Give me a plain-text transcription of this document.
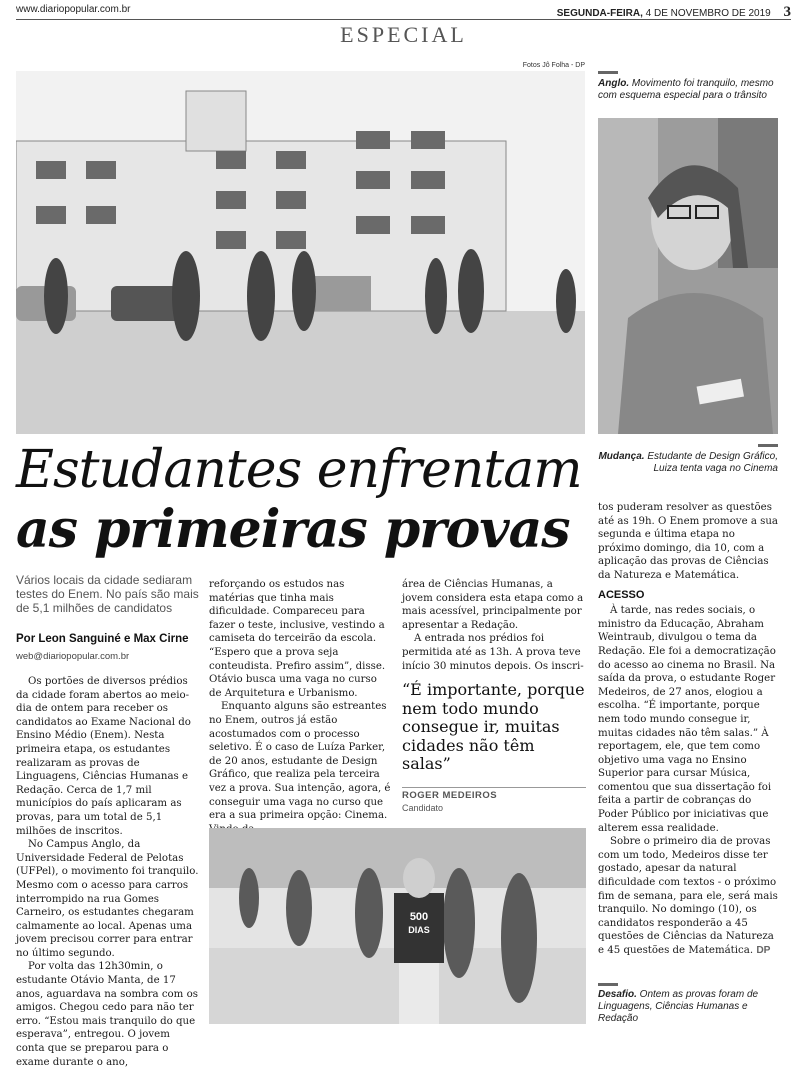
www.diariopopular.com.br	SEGUNDA-FEIRA, 4 DE NOVEMBRO DE 2019 3
ESPECIAL
Fotos Jô Folha - DP
Anglo. Movimento foi tranquilo, mesmo com esquema especial para o trânsito
Mudança. Estudante de Design Gráfico, Luiza tenta vaga no Cinema
Estudantes enfrentam
as primeiras provas
Vários locais da cidade sediaram testes do Enem. No país são mais de 5,1 milhões de candidatos
Por Leon Sanguiné e Max Cirne
web@diariopopular.com.br

Os portões de diversos prédios da cidade foram abertos ao meio-dia de ontem para receber os candidatos ao Exame Nacional do Ensino Médio (Enem). Nesta primeira etapa, os estudantes realizaram as provas de Linguagens, Ciências Humanas e Redação. Cerca de 1,7 mil municípios do país aplicaram as provas, para um total de 5,1 milhões de inscritos.

No Campus Anglo, da Universidade Federal de Pelotas (UFPel), o movimento foi tranquilo. Mesmo com o acesso para carros interrompido na rua Gomes Carneiro, os estudantes chegaram calmamente ao local. Apenas uma jovem precisou correr para entrar no último segundo.

Por volta das 12h30min, o estudante Otávio Manta, de 17 anos, aguardava na sombra com os amigos. Chegou cedo para não ter erro. “Estou mais tranquilo do que esperava”, entregou. O jovem conta que se preparou para o exame durante o ano,

reforçando os estudos nas matérias que tinha mais dificuldade. Compareceu para fazer o teste, inclusive, vestindo a camiseta do terceirão da escola. “Espero que a prova seja conteudista. Prefiro assim”, disse. Otávio busca uma vaga no curso de Arquitetura e Urbanismo.

Enquanto alguns são estreantes no Enem, outros já estão acostumados com o processo seletivo. É o caso de Luíza Parker, de 20 anos, estudante de Design Gráfico, que realiza pela terceira vez a prova. Sua intenção, agora, é conseguir uma vaga no curso que era a sua primeira opção: Cinema.

área de Ciências Humanas, a jovem considera esta etapa como a mais acessível, principalmente por apresentar a Redação.

A entrada nos prédios foi permitida até as 13h. A prova teve início 30 minutos depois. Os inscri-

“É importante, porque nem todo mundo consegue ir, muitas cidades não têm salas”
ROGER MEDEIROS
Candidato
500
DIAS

tos puderam resolver as questões até as 19h. O Enem promove a sua segunda e última etapa no próximo domingo, dia 10, com a aplicação das provas de Ciências da Natureza e Matemática.

ACESSO

À tarde, nas redes sociais, o ministro da Educação, Abraham Weintraub, divulgou o tema da Redação. Ele foi a democratização do acesso ao cinema no Brasil. Na saída da prova, o estudante Roger Medeiros, de 27 anos, elogiou a escolha. “É importante, porque nem todo mundo consegue ir, muitas cidades não têm salas.” À reportagem, ele, que tem como objetivo uma vaga no Ensino Superior para cursar Música, comentou que sua dissertação foi feita a partir de cobranças do Poder Público por iniciativas que alterem essa realidade.

Sobre o primeiro dia de provas com um todo, Medeiros disse ter gostado, apesar da natural dificuldade com textos - o próximo fim de semana, para ele, será mais tranquilo. No domingo (10), os candidatos responderão a 45 questões de Ciências da Natureza e 45 questões de Matemática. DP

Desafio. Ontem as provas foram de Linguagens, Ciências Humanas e Redação
